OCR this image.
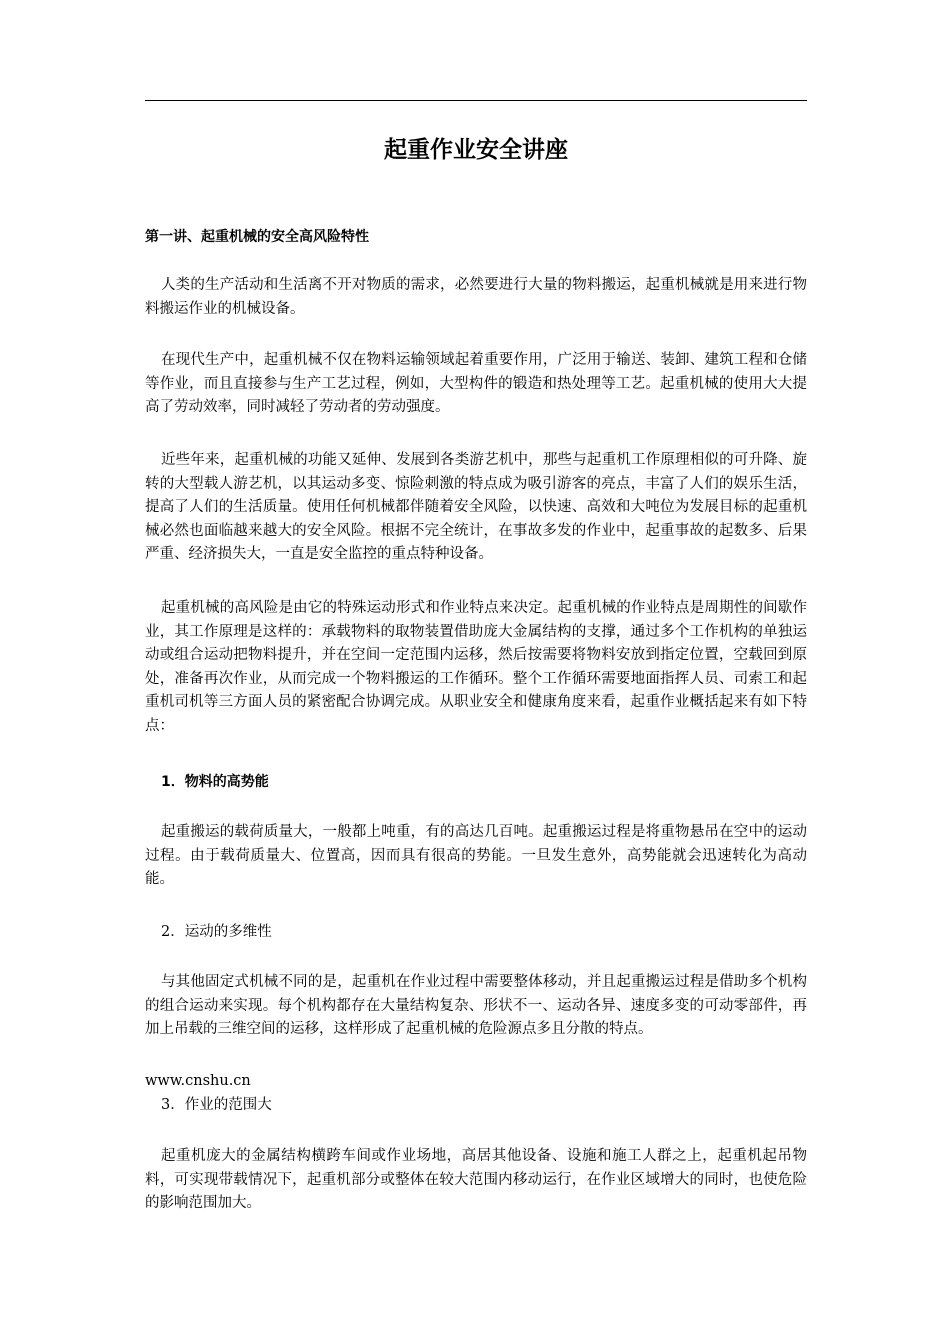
起重作业安全讲座

第一讲、起重机械的安全高风险特性

人类的生产活动和生活离不开对物质的需求，必然要进行大量的物料搬运，起重机械就是用来进行物料搬运作业的机械设备。

在现代生产中，起重机械不仅在物料运输领域起着重要作用，广泛用于输送、装卸、建筑工程和仓储等作业，而且直接参与生产工艺过程，例如，大型构件的锻造和热处理等工艺。起重机械的使用大大提高了劳动效率，同时减轻了劳动者的劳动强度。

近些年来，起重机械的功能又延伸、发展到各类游艺机中，那些与起重机工作原理相似的可升降、旋转的大型载人游艺机，以其运动多变、惊险刺激的特点成为吸引游客的亮点，丰富了人们的娱乐生活，提高了人们的生活质量。使用任何机械都伴随着安全风险，以快速、高效和大吨位为发展目标的起重机械必然也面临越来越大的安全风险。根据不完全统计，在事故多发的作业中，起重事故的起数多、后果严重、经济损失大，一直是安全监控的重点特种设备。

起重机械的高风险是由它的特殊运动形式和作业特点来决定。起重机械的作业特点是周期性的间歇作业，其工作原理是这样的：承载物料的取物装置借助庞大金属结构的支撑，通过多个工作机构的单独运动或组合运动把物料提升，并在空间一定范围内运移，然后按需要将物料安放到指定位置，空载回到原处，准备再次作业，从而完成一个物料搬运的工作循环。整个工作循环需要地面指挥人员、司索工和起重机司机等三方面人员的紧密配合协调完成。从职业安全和健康角度来看，起重作业概括起来有如下特点：

1．物料的高势能

起重搬运的载荷质量大，一般都上吨重，有的高达几百吨。起重搬运过程是将重物悬吊在空中的运动过程。由于载荷质量大、位置高，因而具有很高的势能。一旦发生意外，高势能就会迅速转化为高动能。

2．运动的多维性

与其他固定式机械不同的是，起重机在作业过程中需要整体移动，并且起重搬运过程是借助多个机构的组合运动来实现。每个机构都存在大量结构复杂、形状不一、运动各异、速度多变的可动零部件，再加上吊载的三维空间的运移，这样形成了起重机械的危险源点多且分散的特点。

www.cnshu.cn

3．作业的范围大

起重机庞大的金属结构横跨车间或作业场地，高居其他设备、设施和施工人群之上，起重机起吊物料，可实现带载情况下，起重机部分或整体在较大范围内移动运行，在作业区域增大的同时，也使危险的影响范围加大。
